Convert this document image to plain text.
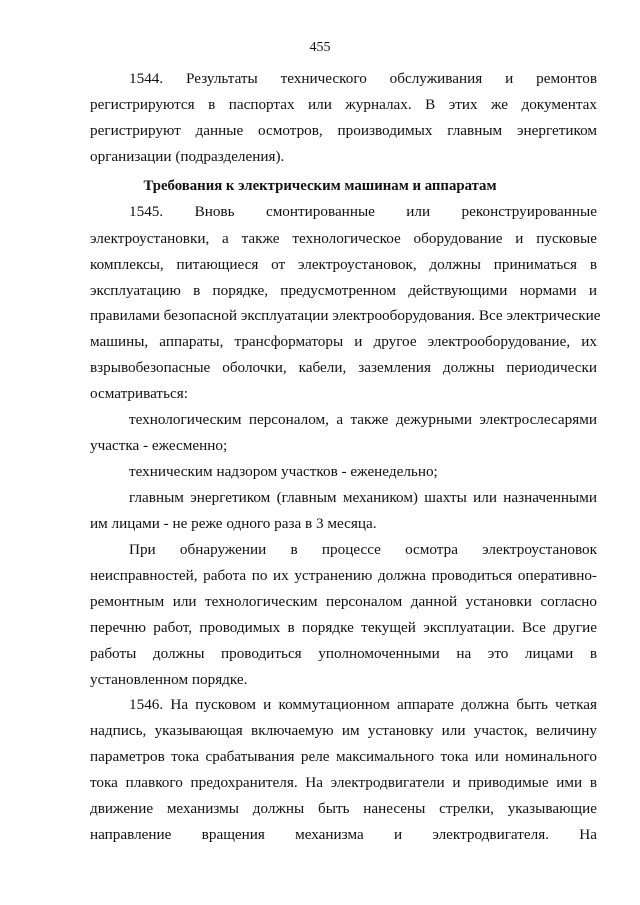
455
1544. Результаты технического обслуживания и ремонтов
регистрируются в паспортах или журналах. В этих же документах
регистрируют данные осмотров, производимых главным энергетиком
организации (подразделения).
Требования к электрическим машинам и аппаратам
1545. Вновь смонтированные или реконструированные
электроустановки, а также технологическое оборудование и пусковые
комплексы, питающиеся от электроустановок, должны приниматься в
эксплуатацию в порядке, предусмотренном действующими нормами и
правилами безопасной эксплуатации электрооборудования. Все электрические
машины, аппараты, трансформаторы и другое электрооборудование, их
взрывобезопасные оболочки, кабели, заземления должны периодически
осматриваться:
технологическим персоналом, а также дежурными электрослесарями
участка - ежесменно;
техническим надзором участков - еженедельно;
главным энергетиком (главным механиком) шахты или назначенными
им лицами - не реже одного раза в 3 месяца.
При обнаружении в процессе осмотра электроустановок
неисправностей, работа по их устранению должна проводиться оперативно-
ремонтным или технологическим персоналом данной установки согласно
перечню работ, проводимых в порядке текущей эксплуатации. Все другие
работы должны проводиться уполномоченными на это лицами в
установленном порядке.
1546. На пусковом и коммутационном аппарате должна быть четкая
надпись, указывающая включаемую им установку или участок, величину
параметров тока срабатывания реле максимального тока или номинального
тока плавкого предохранителя. На электродвигатели и приводимые ими в
движение механизмы должны быть нанесены стрелки, указывающие
направление вращения механизма и электродвигателя. На
